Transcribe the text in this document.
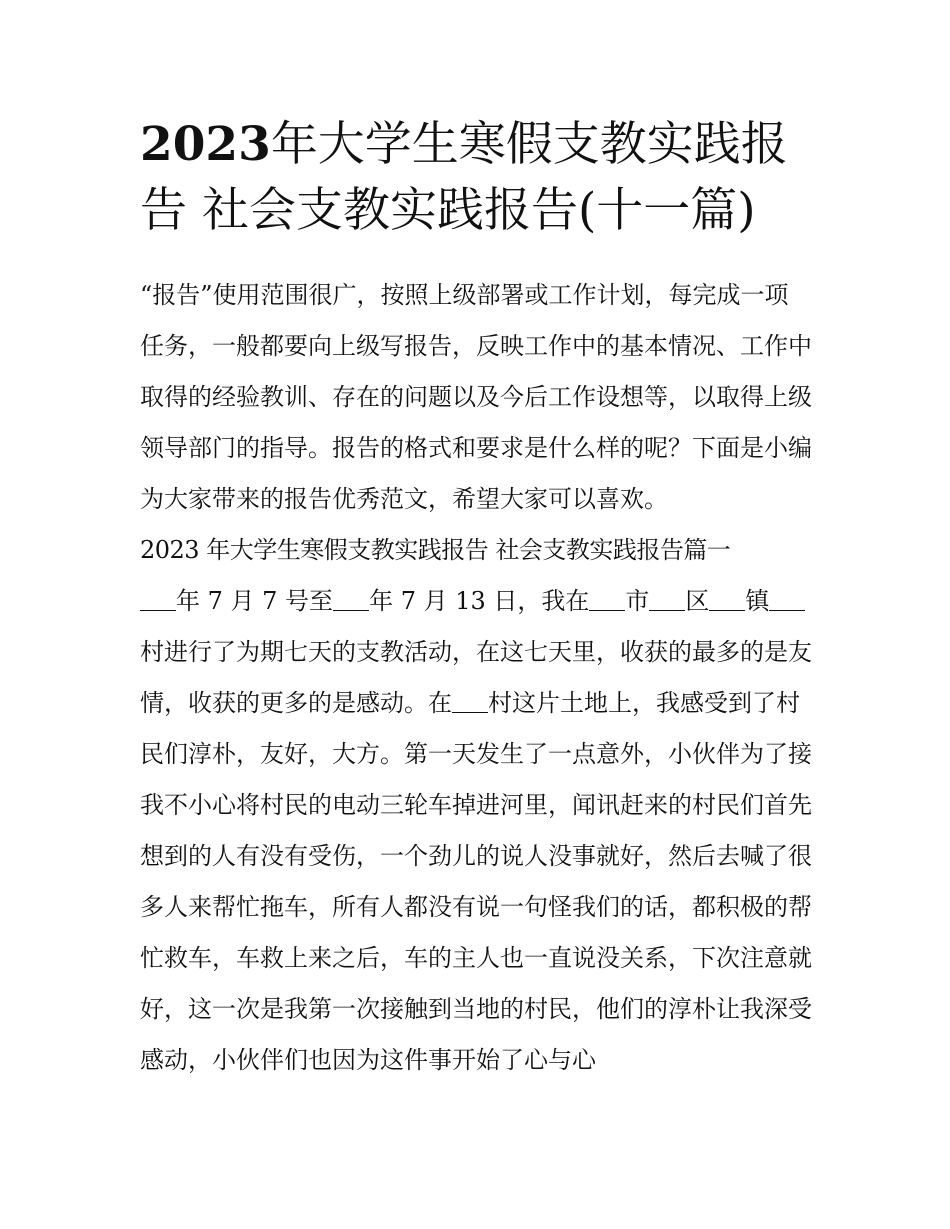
2023年大学生寒假支教实践报告 社会支教实践报告(十一篇)

“报告”使用范围很广，按照上级部署或工作计划，每完成一项任务，一般都要向上级写报告，反映工作中的基本情况、工作中取得的经验教训、存在的问题以及今后工作设想等，以取得上级领导部门的指导。报告的格式和要求是什么样的呢？下面是小编为大家带来的报告优秀范文，希望大家可以喜欢。

2023 年大学生寒假支教实践报告 社会支教实践报告篇一

年 7 月 7 号至 年 7 月 13 日，我在 市 区 镇村进行了为期七天的支教活动，在这七天里，收获的最多的是友情，收获的更多的是感动。在 村这片土地上，我感受到了村民们淳朴，友好，大方。第一天发生了一点意外，小伙伴为了接我不小心将村民的电动三轮车掉进河里，闻讯赶来的村民们首先想到的人有没有受伤，一个劲儿的说人没事就好，然后去喊了很多人来帮忙拖车，所有人都没有说一句怪我们的话，都积极的帮忙救车，车救上来之后，车的主人也一直说没关系，下次注意就好，这一次是我第一次接触到当地的村民，他们的淳朴让我深受感动，小伙伴们也因为这件事开始了心与心
